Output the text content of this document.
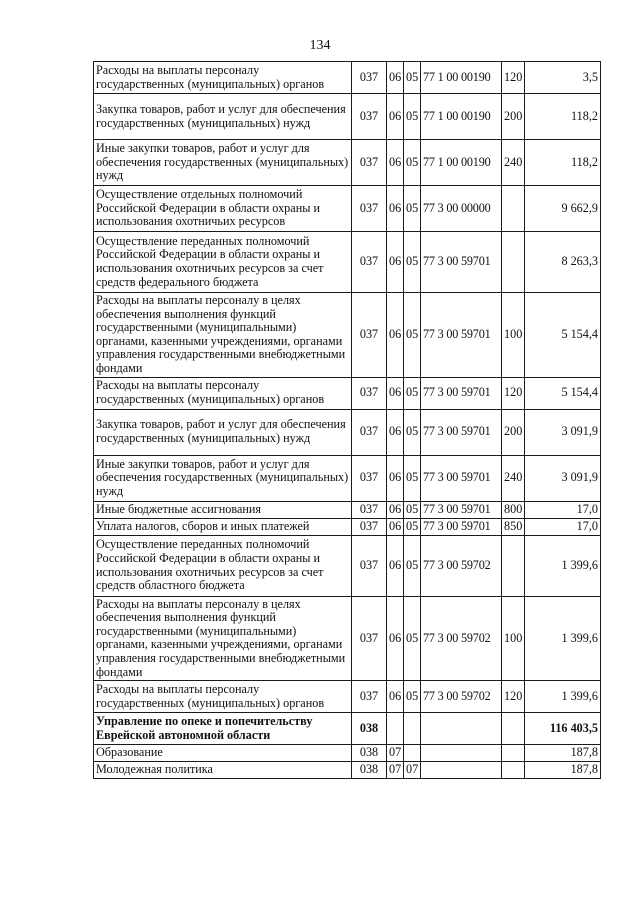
134
Расходы на выплаты персоналу государственных (муниципальных) органов	037	06	05	77 1 00 00190	120	3,5
Закупка товаров, работ и услуг для обеспечения государственных (муниципальных) нужд	037	06	05	77 1 00 00190	200	118,2
Иные закупки товаров, работ и услуг для обеспечения государственных (муниципальных) нужд	037	06	05	77 1 00 00190	240	118,2
Осуществление отдельных полномочий Российской Федерации в области охраны и использования охотничьих ресурсов	037	06	05	77 3 00 00000		9 662,9
Осуществление переданных полномочий Российской Федерации в области охраны и использования охотничьих ресурсов за счет средств федерального бюджета	037	06	05	77 3 00 59701		8 263,3
Расходы на выплаты персоналу в целях обеспечения выполнения функций государственными (муниципальными) органами, казенными учреждениями, органами управления государственными внебюджетными фондами	037	06	05	77 3 00 59701	100	5 154,4
Расходы на выплаты персоналу государственных (муниципальных) органов	037	06	05	77 3 00 59701	120	5 154,4
Закупка товаров, работ и услуг для обеспечения государственных (муниципальных) нужд	037	06	05	77 3 00 59701	200	3 091,9
Иные закупки товаров, работ и услуг для обеспечения государственных (муниципальных) нужд	037	06	05	77 3 00 59701	240	3 091,9
Иные бюджетные ассигнования	037	06	05	77 3 00 59701	800	17,0
Уплата налогов, сборов и иных платежей	037	06	05	77 3 00 59701	850	17,0
Осуществление переданных полномочий Российской Федерации в области охраны и использования охотничьих ресурсов за счет средств областного бюджета	037	06	05	77 3 00 59702		1 399,6
Расходы на выплаты персоналу в целях обеспечения выполнения функций государственными (муниципальными) органами, казенными учреждениями, органами управления государственными внебюджетными фондами	037	06	05	77 3 00 59702	100	1 399,6
Расходы на выплаты персоналу государственных (муниципальных) органов	037	06	05	77 3 00 59702	120	1 399,6
Управление по опеке и попечительству Еврейской автономной области	038					116 403,5
Образование	038	07				187,8
Молодежная политика	038	07	07			187,8
